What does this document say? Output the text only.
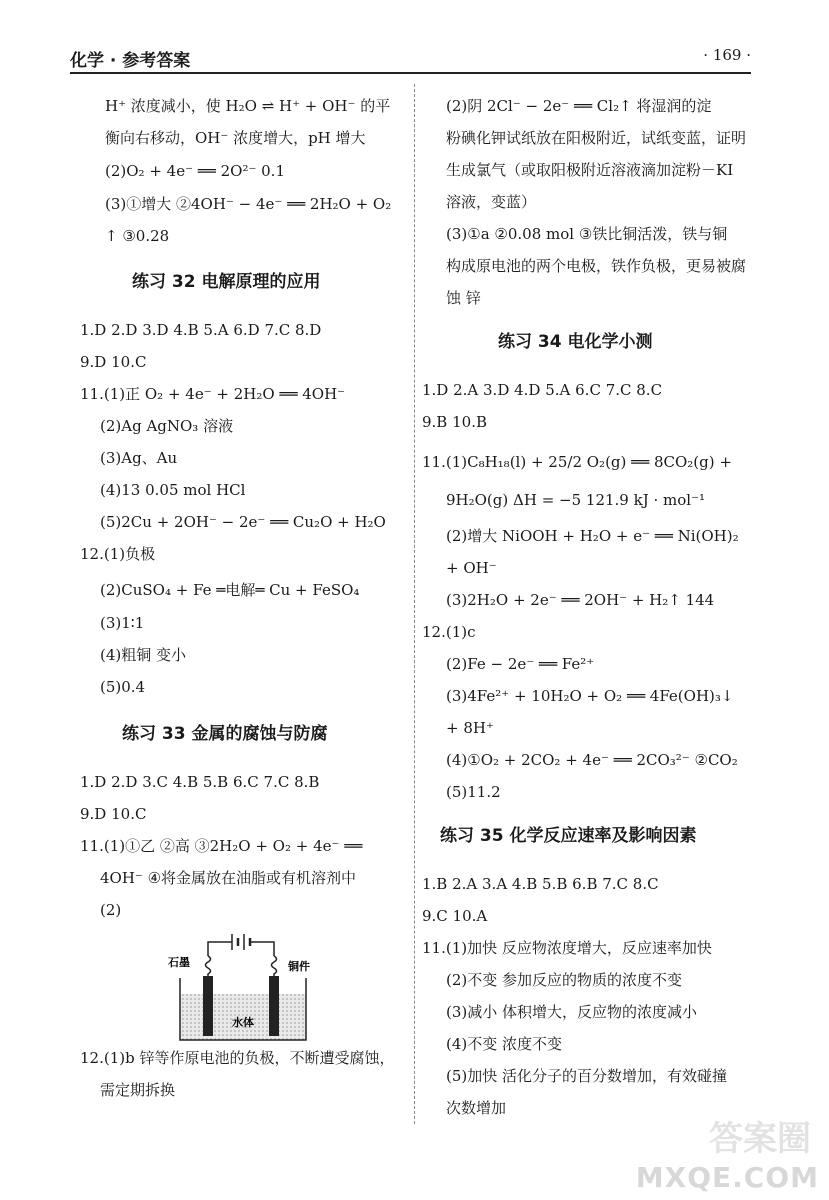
化学 · 参考答案	· 169 ·
H⁺ 浓度减小，使 H₂O ⇌ H⁺ + OH⁻ 的平
衡向右移动，OH⁻ 浓度增大，pH 增大
(2)O₂ + 4e⁻ ══ 2O²⁻ 0.1
(3)①增大 ②4OH⁻ − 4e⁻ ══ 2H₂O + O₂
↑ ③0.28
练习 32 电解原理的应用
1.D 2.D 3.D 4.B 5.A 6.D 7.C 8.D
9.D 10.C
11.(1)正 O₂ + 4e⁻ + 2H₂O ══ 4OH⁻
(2)Ag AgNO₃ 溶液
(3)Ag、Au
(4)13 0.05 mol HCl
(5)2Cu + 2OH⁻ − 2e⁻ ══ Cu₂O + H₂O
12.(1)负极
(2)CuSO₄ + Fe ═电解═ Cu + FeSO₄
(3)1∶1
(4)粗铜 变小
(5)0.4
练习 33 金属的腐蚀与防腐
1.D 2.D 3.C 4.B 5.B 6.C 7.C 8.B
9.D 10.C
11.(1)①乙 ②高 ③2H₂O + O₂ + 4e⁻ ══
4OH⁻ ④将金属放在油脂或有机溶剂中
(2)
12.(1)b 锌等作原电池的负极，不断遭受腐蚀，
需定期拆换
(2)阴 2Cl⁻ − 2e⁻ ══ Cl₂↑ 将湿润的淀
粉碘化钾试纸放在阳极附近，试纸变蓝，证明
生成氯气（或取阳极附近溶液滴加淀粉－KI
溶液，变蓝）
(3)①a ②0.08 mol ③铁比铜活泼，铁与铜
构成原电池的两个电极，铁作负极，更易被腐
蚀 锌
练习 34 电化学小测
1.D 2.A 3.D 4.D 5.A 6.C 7.C 8.C
9.B 10.B
11.(1)C₈H₁₈(l) + 25/2 O₂(g) ══ 8CO₂(g) +
9H₂O(g) ΔH = −5 121.9 kJ · mol⁻¹
(2)增大 NiOOH + H₂O + e⁻ ══ Ni(OH)₂
+ OH⁻
(3)2H₂O + 2e⁻ ══ 2OH⁻ + H₂↑ 144
12.(1)c
(2)Fe − 2e⁻ ══ Fe²⁺
(3)4Fe²⁺ + 10H₂O + O₂ ══ 4Fe(OH)₃↓
+ 8H⁺
(4)①O₂ + 2CO₂ + 4e⁻ ══ 2CO₃²⁻ ②CO₂
(5)11.2
练习 35 化学反应速率及影响因素
1.B 2.A 3.A 4.B 5.B 6.B 7.C 8.C
9.C 10.A
11.(1)加快 反应物浓度增大，反应速率加快
(2)不变 参加反应的物质的浓度不变
(3)减小 体积增大，反应物的浓度减小
(4)不变 浓度不变
(5)加快 活化分子的百分数增加，有效碰撞
次数增加
石墨	铜件
水体
答案圈
MXQE.COM
